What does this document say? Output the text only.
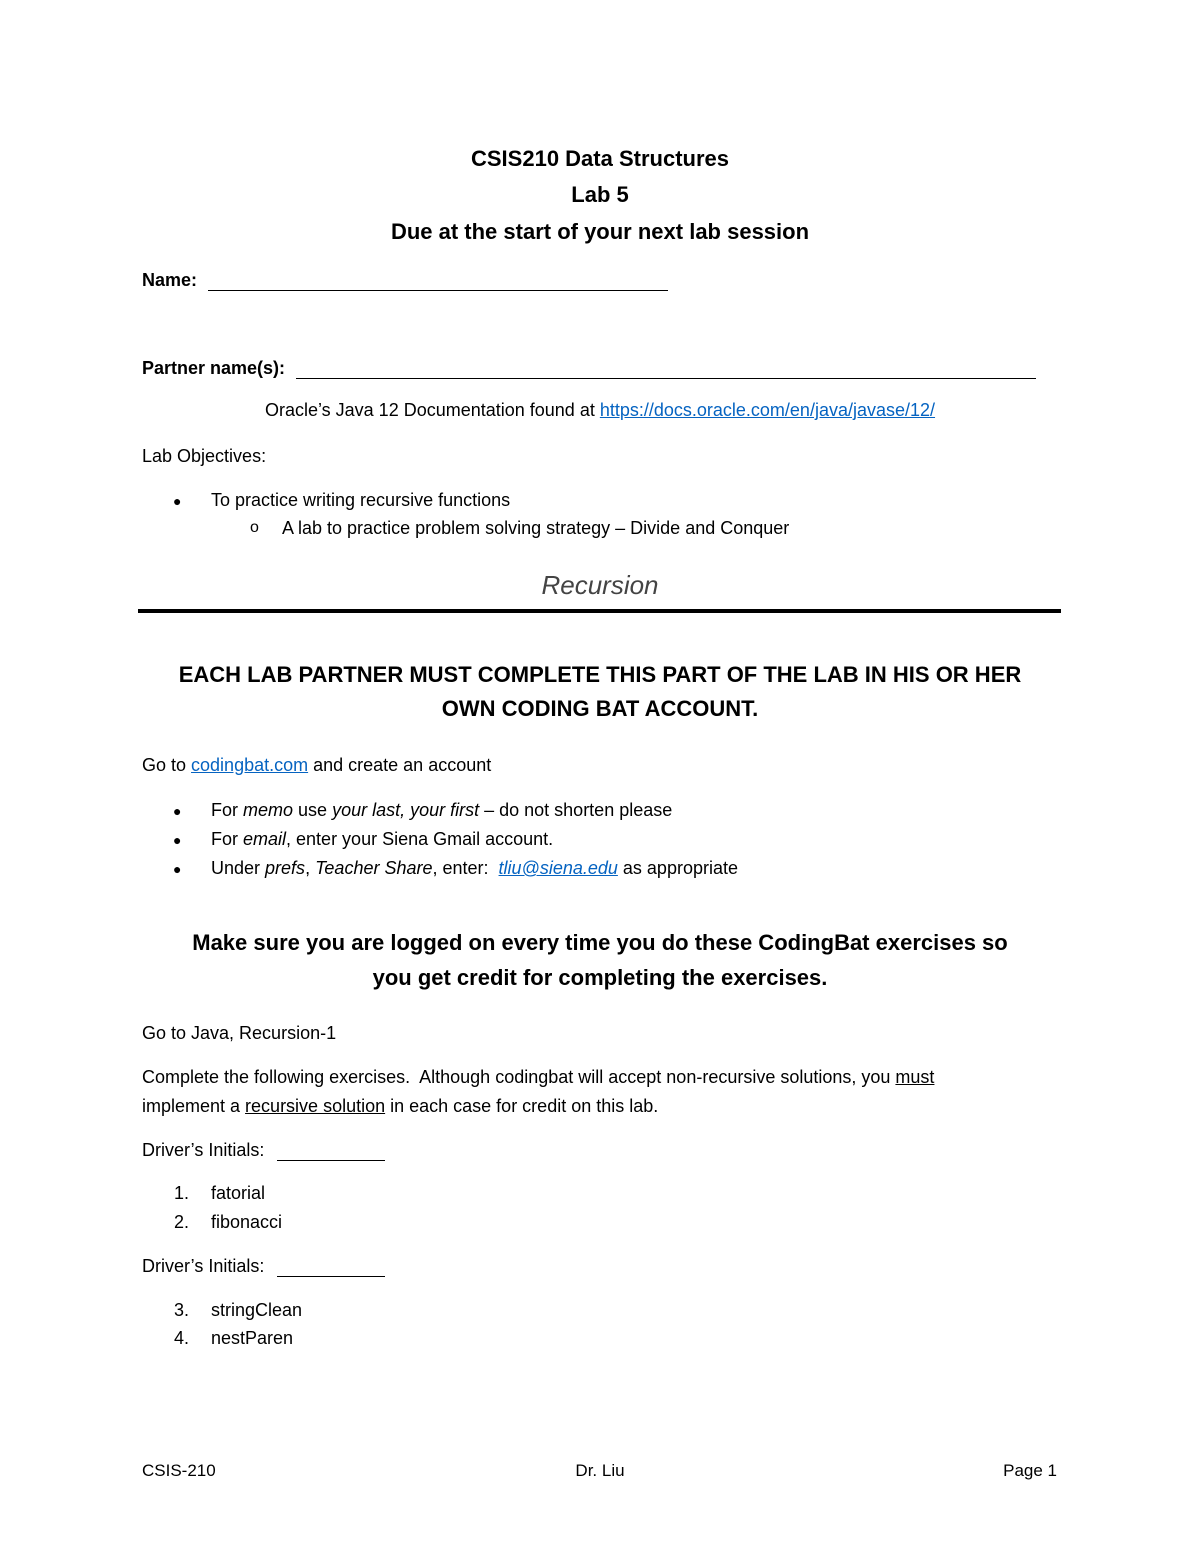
CSIS210 Data Structures
Lab 5
Due at the start of your next lab session
Name:
Partner name(s):
Oracle’s Java 12 Documentation found at https://docs.oracle.com/en/java/javase/12/
Lab Objectives:
● To practice writing recursive functions
o A lab to practice problem solving strategy – Divide and Conquer
Recursion
EACH LAB PARTNER MUST COMPLETE THIS PART OF THE LAB IN HIS OR HER
OWN CODING BAT ACCOUNT.
Go to codingbat.com and create an account
● For memo use your last, your first – do not shorten please
● For email, enter your Siena Gmail account.
● Under prefs, Teacher Share, enter:  tliu@siena.edu as appropriate
Make sure you are logged on every time you do these CodingBat exercises so
you get credit for completing the exercises.
Go to Java, Recursion-1
Complete the following exercises.  Although codingbat will accept non-recursive solutions, you must
implement a recursive solution in each case for credit on this lab.
Driver’s Initials:
1. fatorial
2. fibonacci
Driver’s Initials:
3. stringClean
4. nestParen
CSIS-210	Dr. Liu	Page 1
